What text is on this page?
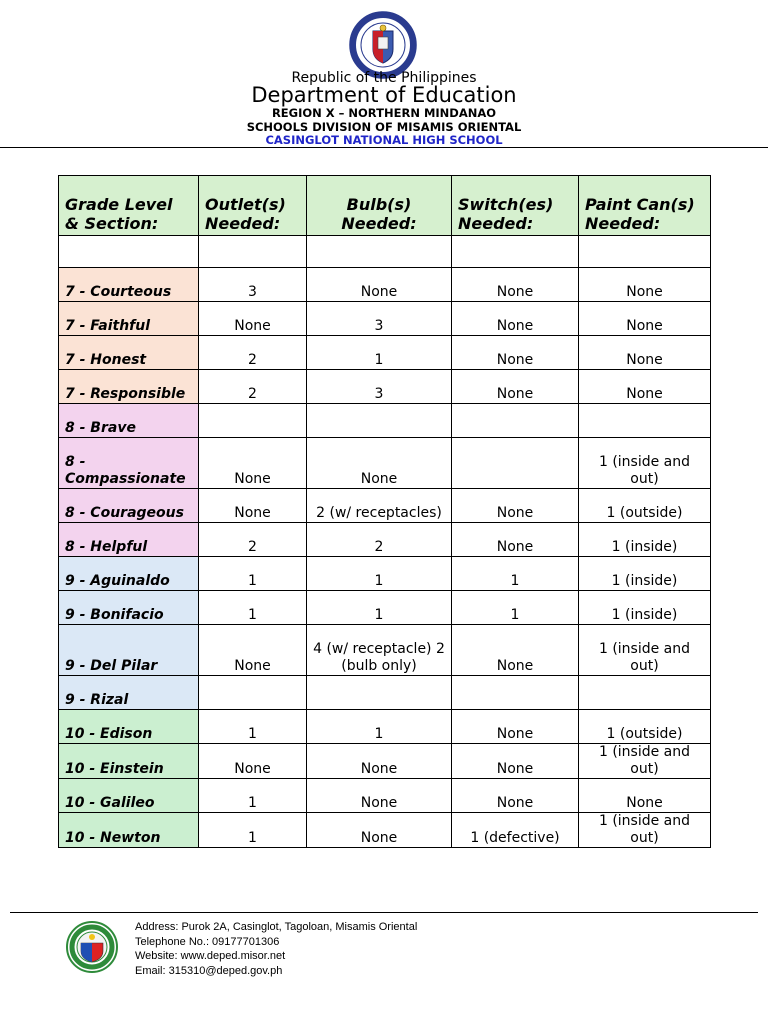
Republic of the Philippines
Department of Education
REGION X – NORTHERN MINDANAO
SCHOOLS DIVISION OF MISAMIS ORIENTAL
CASINGLOT NATIONAL HIGH SCHOOL
Grade Level & Section:	Outlet(s) Needed:	Bulb(s) Needed:	Switch(es) Needed:	Paint Can(s) Needed:

7 - Courteous	3	None	None	None
7 - Faithful	None	3	None	None
7 - Honest	2	1	None	None
7 - Responsible	2	3	None	None
8 - Brave				
8 - Compassionate	None	None		1 (inside and out)
8 - Courageous	None	2 (w/ receptacles)	None	1 (outside)
8 - Helpful	2	2	None	1 (inside)
9 - Aguinaldo	1	1	1	1 (inside)
9 - Bonifacio	1	1	1	1 (inside)
9 - Del Pilar	None	4 (w/ receptacle) 2 (bulb only)	None	1 (inside and out)
9 - Rizal				
10 - Edison	1	1	None	1 (outside)
10 - Einstein	None	None	None	1 (inside and out)
10 - Galileo	1	None	None	None
10 - Newton	1	None	1 (defective)	1 (inside and out)
Address: Purok 2A, Casinglot, Tagoloan, Misamis Oriental
Telephone No.: 09177701306
Website: www.deped.misor.net
Email: 315310@deped.gov.ph
